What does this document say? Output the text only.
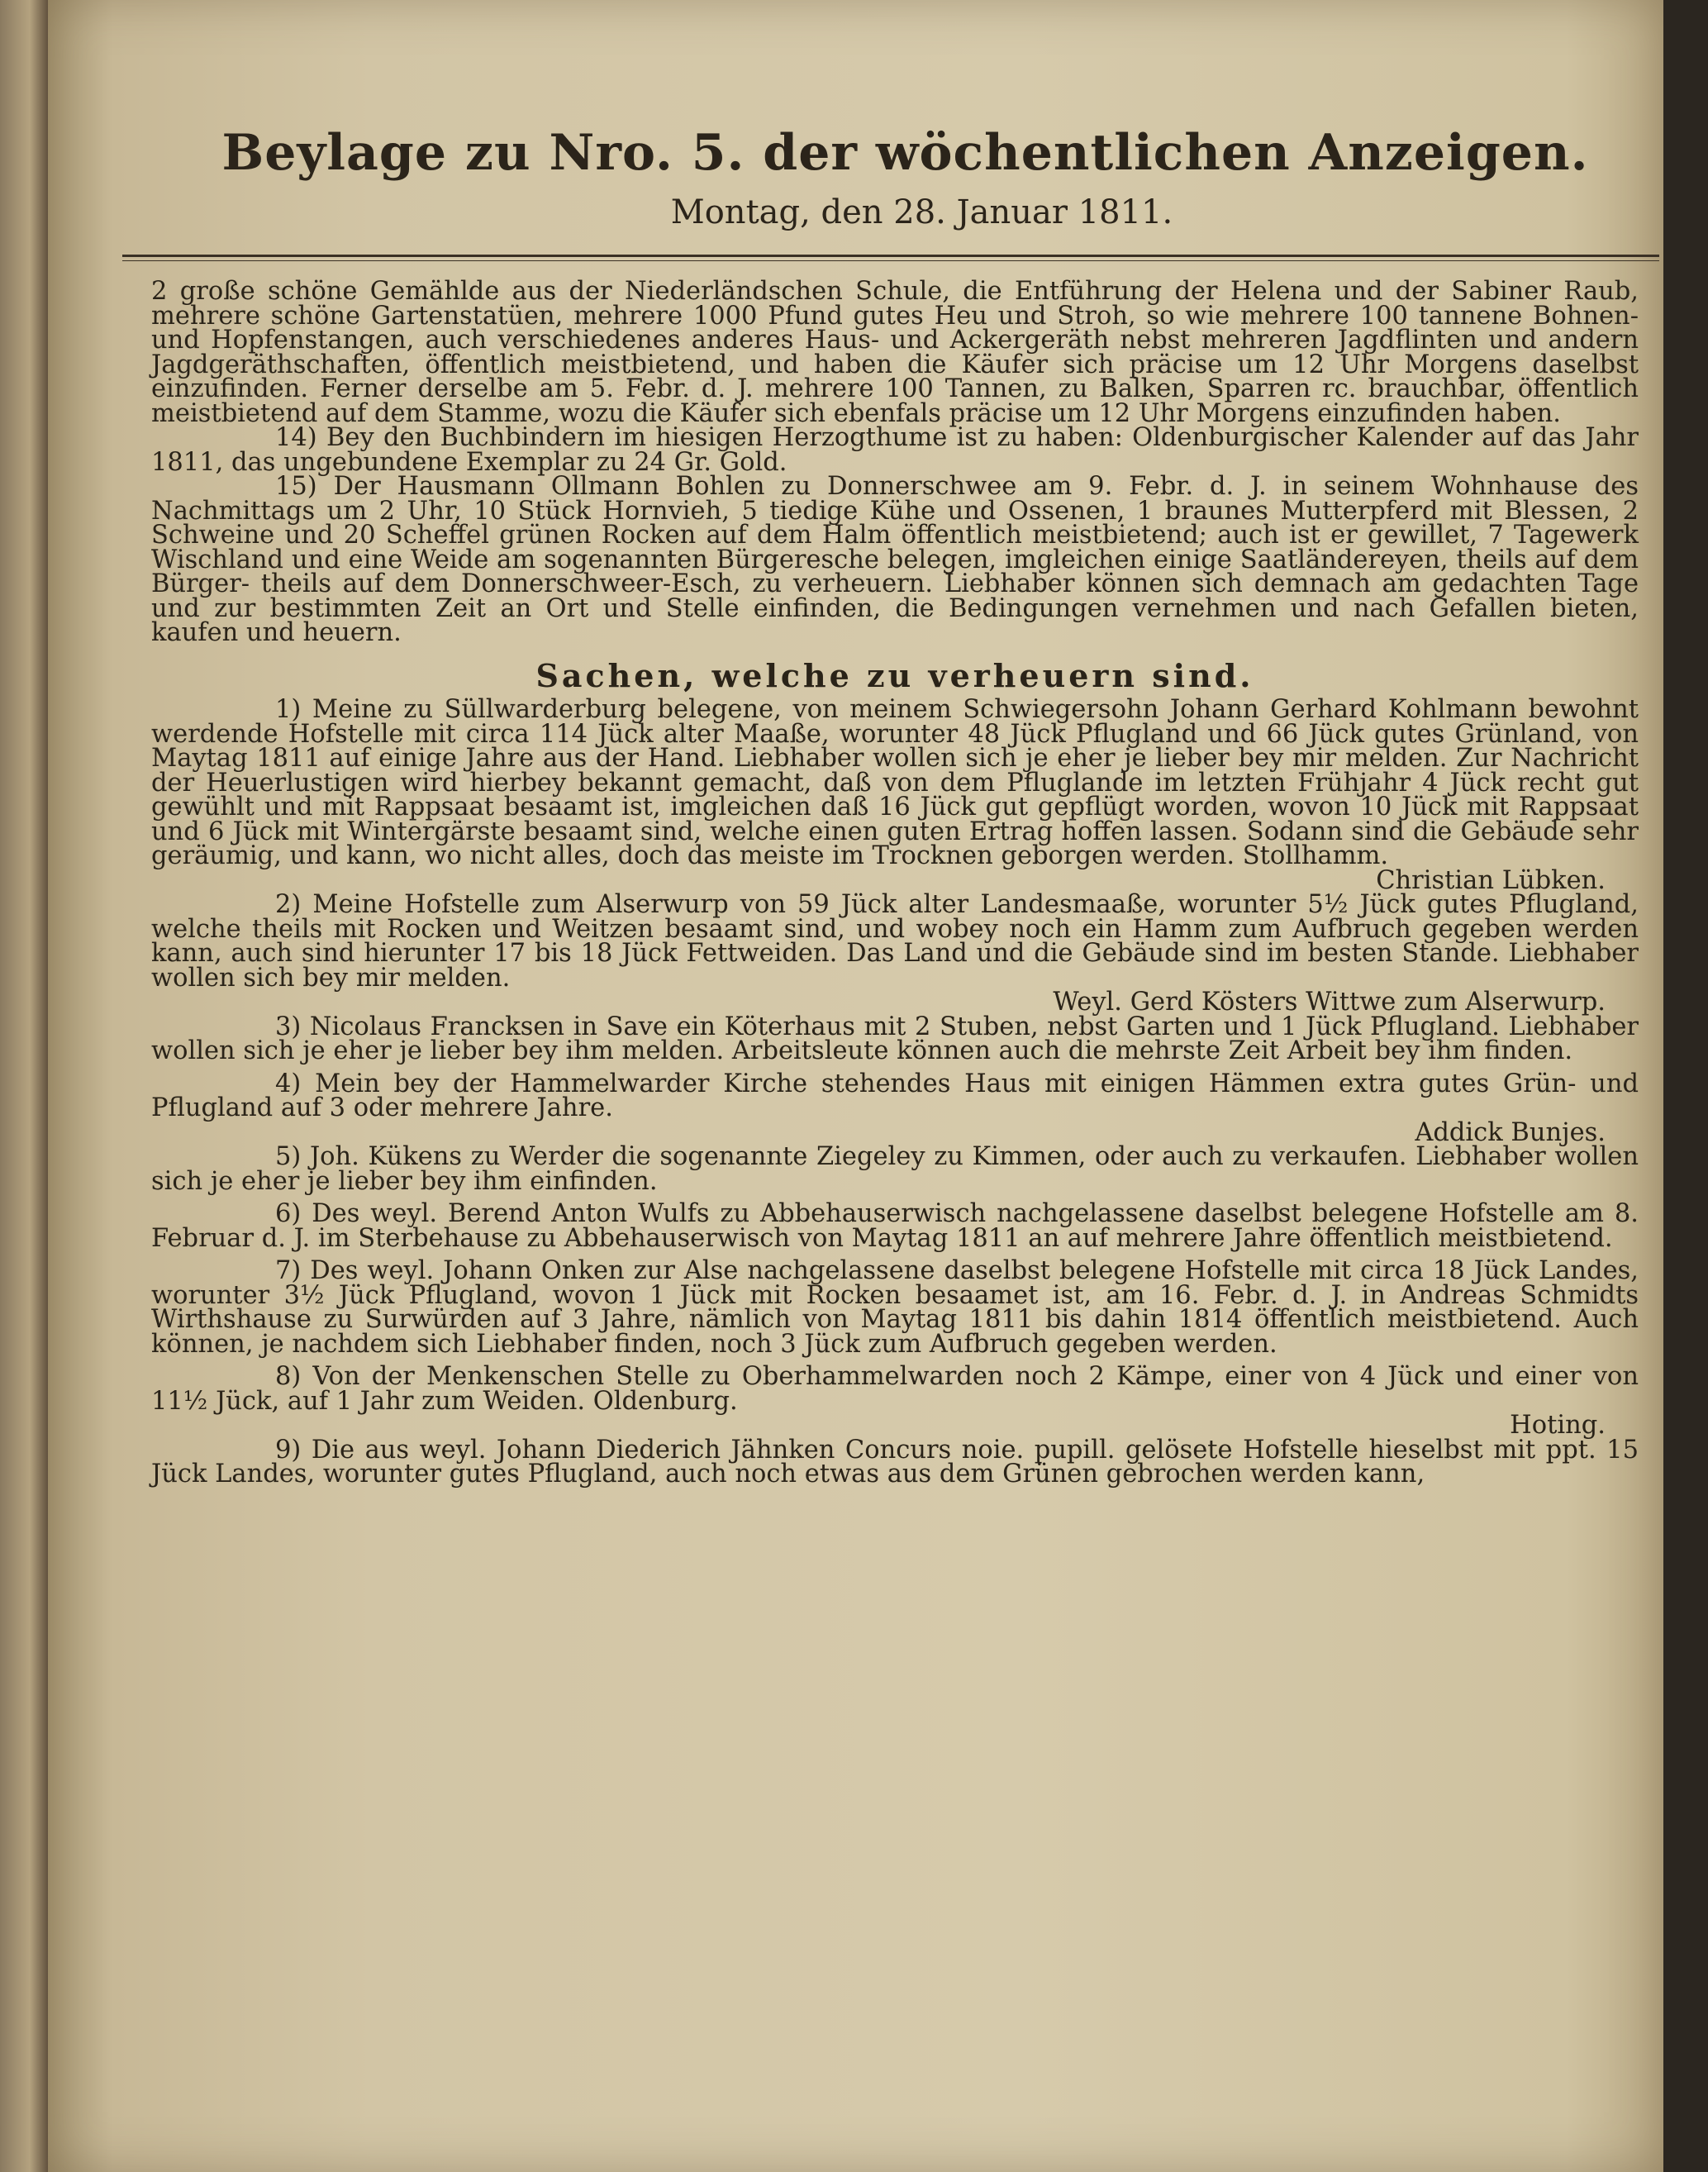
Beylage zu Nro. 5. der wöchentlichen Anzeigen.
Montag, den 28. Januar 1811.

2 große schöne Gemählde aus der Niederländschen Schule, die Entführung der Helena und der Sabiner Raub, mehrere schöne Gartenstatüen, mehrere 1000 Pfund gutes Heu und Stroh, so wie mehrere 100 tannene Bohnen- und Hopfenstangen, auch verschiedenes anderes Haus- und Ackergeräth nebst mehreren Jagdflinten und andern Jagdgeräthschaften, öffentlich meistbietend, und haben die Käufer sich präcise um 12 Uhr Morgens daselbst einzufinden. Ferner derselbe am 5. Febr. d. J. mehrere 100 Tannen, zu Balken, Sparren rc. brauchbar, öffentlich meistbietend auf dem Stamme, wozu die Käufer sich ebenfals präcise um 12 Uhr Morgens einzufinden haben.

14) Bey den Buchbindern im hiesigen Herzogthume ist zu haben: Oldenburgischer Kalender auf das Jahr 1811, das ungebundene Exemplar zu 24 Gr. Gold.

15) Der Hausmann Ollmann Bohlen zu Donnerschwee am 9. Febr. d. J. in seinem Wohnhause des Nachmittags um 2 Uhr, 10 Stück Hornvieh, 5 tiedige Kühe und Ossenen, 1 braunes Mutterpferd mit Blessen, 2 Schweine und 20 Scheffel grünen Rocken auf dem Halm öffentlich meistbietend; auch ist er gewillet, 7 Tagewerk Wischland und eine Weide am sogenannten Bürgeresche belegen, imgleichen einige Saatländereyen, theils auf dem Bürger- theils auf dem Donnerschweer-Esch, zu verheuern. Liebhaber können sich demnach am gedachten Tage und zur bestimmten Zeit an Ort und Stelle einfinden, die Bedingungen vernehmen und nach Gefallen bieten, kaufen und heuern.

Sachen, welche zu verheuern sind.

1) Meine zu Süllwarderburg belegene, von meinem Schwiegersohn Johann Gerhard Kohlmann bewohnt werdende Hofstelle mit circa 114 Jück alter Maaße, worunter 48 Jück Pflugland und 66 Jück gutes Grünland, von Maytag 1811 auf einige Jahre aus der Hand. Liebhaber wollen sich je eher je lieber bey mir melden. Zur Nachricht der Heuerlustigen wird hierbey bekannt gemacht, daß von dem Pfluglande im letzten Frühjahr 4 Jück recht gut gewühlt und mit Rappsaat besaamt ist, imgleichen daß 16 Jück gut gepflügt worden, wovon 10 Jück mit Rappsaat und 6 Jück mit Wintergärste besaamt sind, welche einen guten Ertrag hoffen lassen. Sodann sind die Gebäude sehr geräumig, und kann, wo nicht alles, doch das meiste im Trocknen geborgen werden. Stollhamm.

Christian Lübken.

2) Meine Hofstelle zum Alserwurp von 59 Jück alter Landesmaaße, worunter 5½ Jück gutes Pflugland, welche theils mit Rocken und Weitzen besaamt sind, und wobey noch ein Hamm zum Aufbruch gegeben werden kann, auch sind hierunter 17 bis 18 Jück Fettweiden. Das Land und die Gebäude sind im besten Stande. Liebhaber wollen sich bey mir melden.

Weyl. Gerd Kösters Wittwe zum Alserwurp.

3) Nicolaus Francksen in Save ein Köterhaus mit 2 Stuben, nebst Garten und 1 Jück Pflugland. Liebhaber wollen sich je eher je lieber bey ihm melden. Arbeitsleute können auch die mehrste Zeit Arbeit bey ihm finden.

4) Mein bey der Hammelwarder Kirche stehendes Haus mit einigen Hämmen extra gutes Grün- und Pflugland auf 3 oder mehrere Jahre.

Addick Bunjes.

5) Joh. Kükens zu Werder die sogenannte Ziegeley zu Kimmen, oder auch zu verkaufen. Liebhaber wollen sich je eher je lieber bey ihm einfinden.

6) Des weyl. Berend Anton Wulfs zu Abbehauserwisch nachgelassene daselbst belegene Hofstelle am 8. Februar d. J. im Sterbehause zu Abbehauserwisch von Maytag 1811 an auf mehrere Jahre öffentlich meistbietend.

7) Des weyl. Johann Onken zur Alse nachgelassene daselbst belegene Hofstelle mit circa 18 Jück Landes, worunter 3½ Jück Pflugland, wovon 1 Jück mit Rocken besaamet ist, am 16. Febr. d. J. in Andreas Schmidts Wirthshause zu Surwürden auf 3 Jahre, nämlich von Maytag 1811 bis dahin 1814 öffentlich meistbietend. Auch können, je nachdem sich Liebhaber finden, noch 3 Jück zum Aufbruch gegeben werden.

8) Von der Menkenschen Stelle zu Oberhammelwarden noch 2 Kämpe, einer von 4 Jück und einer von 11½ Jück, auf 1 Jahr zum Weiden. Oldenburg.

Hoting.

9) Die aus weyl. Johann Diederich Jähnken Concurs noie. pupill. gelösete Hofstelle hieselbst mit ppt. 15 Jück Landes, worunter gutes Pflugland, auch noch etwas aus dem Grünen gebrochen werden kann,
